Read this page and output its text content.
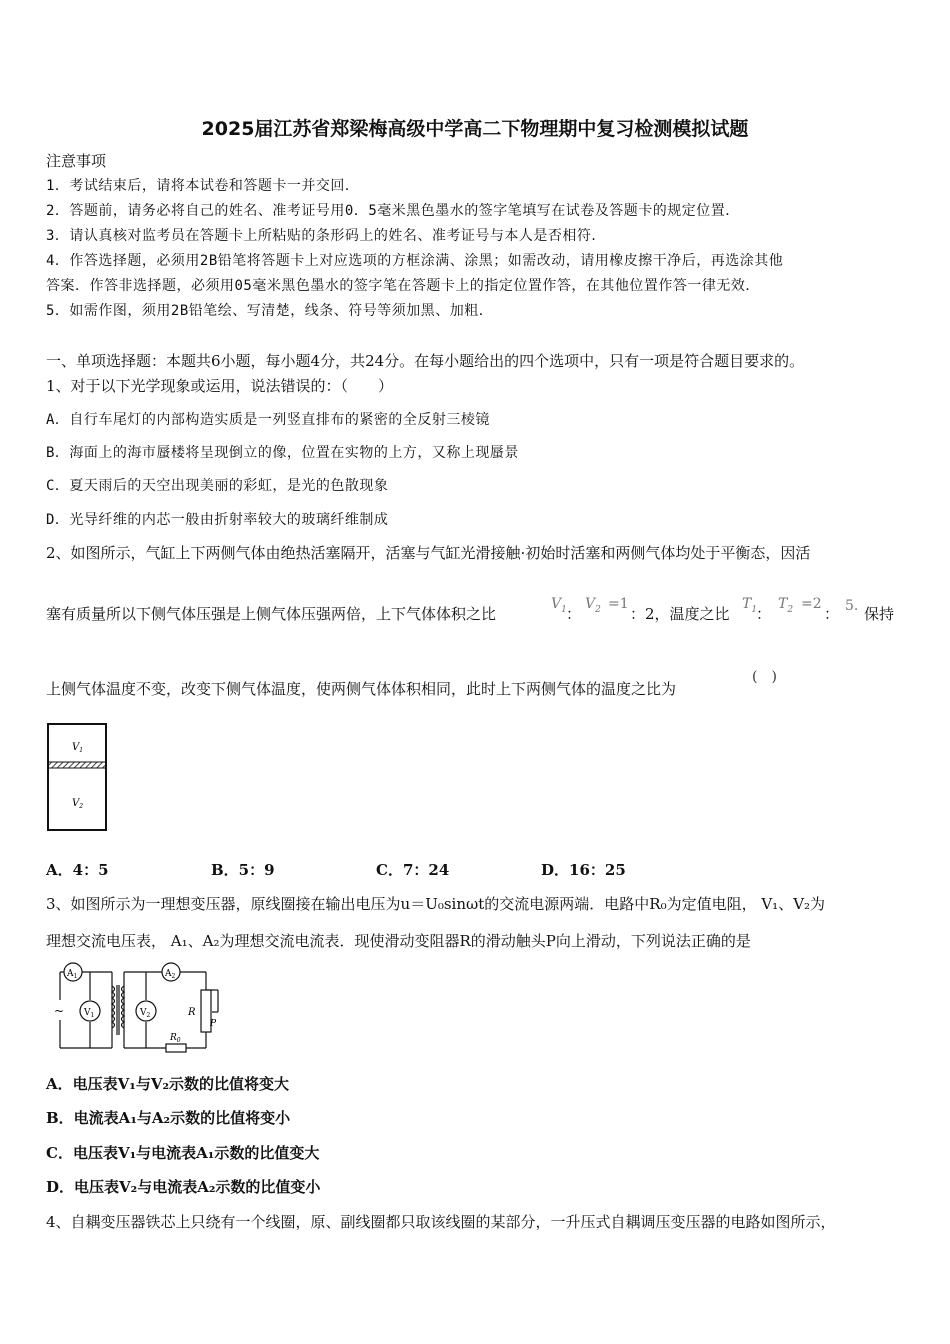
2025届江苏省郑梁梅高级中学高二下物理期中复习检测模拟试题
注意事项
1．考试结束后，请将本试卷和答题卡一并交回．
2．答题前，请务必将自己的姓名、准考证号用0．5毫米黑色墨水的签字笔填写在试卷及答题卡的规定位置．
3．请认真核对监考员在答题卡上所粘贴的条形码上的姓名、准考证号与本人是否相符．
4．作答选择题，必须用2B铅笔将答题卡上对应选项的方框涂满、涂黑；如需改动，请用橡皮擦干净后，再选涂其他
答案．作答非选择题，必须用05毫米黑色墨水的签字笔在答题卡上的指定位置作答，在其他位置作答一律无效．
5．如需作图，须用2B铅笔绘、写清楚，线条、符号等须加黑、加粗．
一、单项选择题：本题共6小题，每小题4分，共24分。在每小题给出的四个选项中，只有一项是符合题目要求的。
1、对于以下光学现象或运用，说法错误的：（　　）
A．自行车尾灯的内部构造实质是一列竖直排布的紧密的全反射三棱镜
B．海面上的海市蜃楼将呈现倒立的像，位置在实物的上方，又称上现蜃景
C．夏天雨后的天空出现美丽的彩虹，是光的色散现象
D．光导纤维的内芯一般由折射率较大的玻璃纤维制成
2、如图所示，气缸上下两侧气体由绝热活塞隔开，活塞与气缸光滑接触·初始时活塞和两侧气体均处于平衡态，因活
塞有质量所以下侧气体压强是上侧气体压强两倍，上下气体体积之比
$V_1$ ：
$V_2 =1$
：2，温度之比
$T_1$
：
$T_2 =2$
： 5. 保持
上侧气体温度不变，改变下侧气体温度，使两侧气体体积相同，此时上下两侧气体的温度之比为
(　)
$V_1$
$V_2$
A．4：5	B．5：9	C．7：24	D．16：25
3、如图所示为一理想变压器，原线圈接在输出电压为u＝U₀sinωt的交流电源两端．电路中R₀为定值电阻， V₁、V₂为
理想交流电压表， A₁、A₂为理想交流电流表．现使滑动变阻器R的滑动触头P向上滑动，下列说法正确的是
~
$A_1$
$V_1$
$A_2$
$V_2$	R
P
$R_0$
A．电压表V₁与V₂示数的比值将变大
B．电流表A₁与A₂示数的比值将变小
C．电压表V₁与电流表A₁示数的比值变大
D．电压表V₂与电流表A₂示数的比值变小
4、自耦变压器铁芯上只绕有一个线圈，原、副线圈都只取该线圈的某部分，一升压式自耦调压变压器的电路如图所示，
